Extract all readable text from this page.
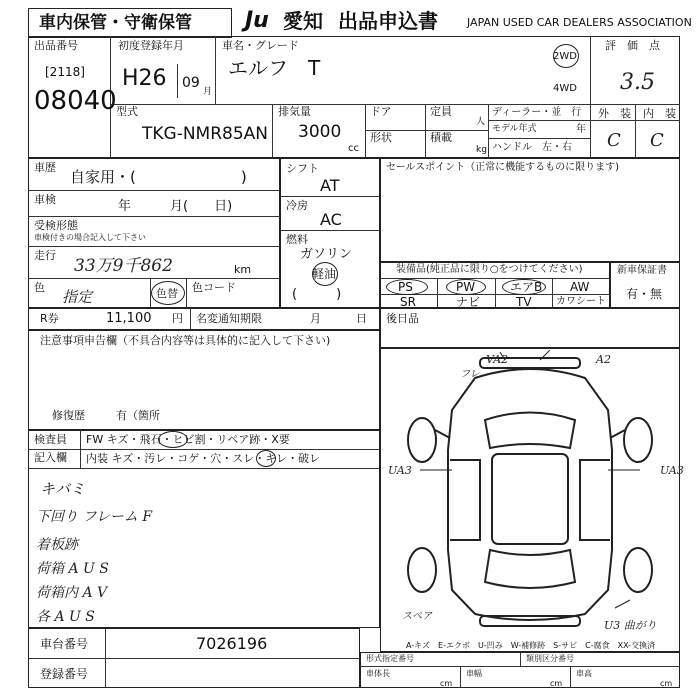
車内保管・守衛保管 Ju 愛知 出品申込書	JAPAN USED CAR DEALERS ASSOCIATION
出品番号
[2118]
08040
初度登録年月
H26 09
月
車名・グレード
エルフ　T	2WD
4WD
評　価　点
3.5
外　装 内　装
C C
型式
TKG-NMR85AN
排気量
3000
cc
ドア	定員
人
形状	積載
kg
ディーラー・並　行
モデル年式	年
ハンドル　左・右
車歴
自家用・(　　　　　　　)
車検	年　　　月(　　日)
受検形態
車検付きの場合記入して下さい
走行
33万9千862	km
色
指定	色替 色コード
シフト
AT
冷房
AC
燃料
ガソリン
軽油
(　　　)
セールスポイント（正常に機能するものに限ります)
装備品(純正品に限り○をつけてください)
PS	PW	エアB AW
SR	ナビ	TV カワシート
新車保証書
有・無
R券	11,100 円 名変通知期限	月	日 後日品
注意事項申告欄（不具合内容等は具体的に記入して下さい)
修復歴	有（箇所
検査員
記入欄
FW キズ・飛石・ヒビ割・リペア跡・X要
内装 キズ・汚レ・コゲ・穴・スレ・キレ・破レ
キバミ
下回り フレーム F
着板跡
荷箱 A U S
荷箱内 A V
各 A U S
VA2	A2
フレ
UA3	UA3
スペア
U3 曲がり
A-キズ　E-エクボ　U-凹み　W-補修跡　S-サビ　C-腐食　XX-交換済
車台番号	7026196
登録番号
形式指定番号	類別区分番号
車体長
cm
車幅
cm
車高
cm
